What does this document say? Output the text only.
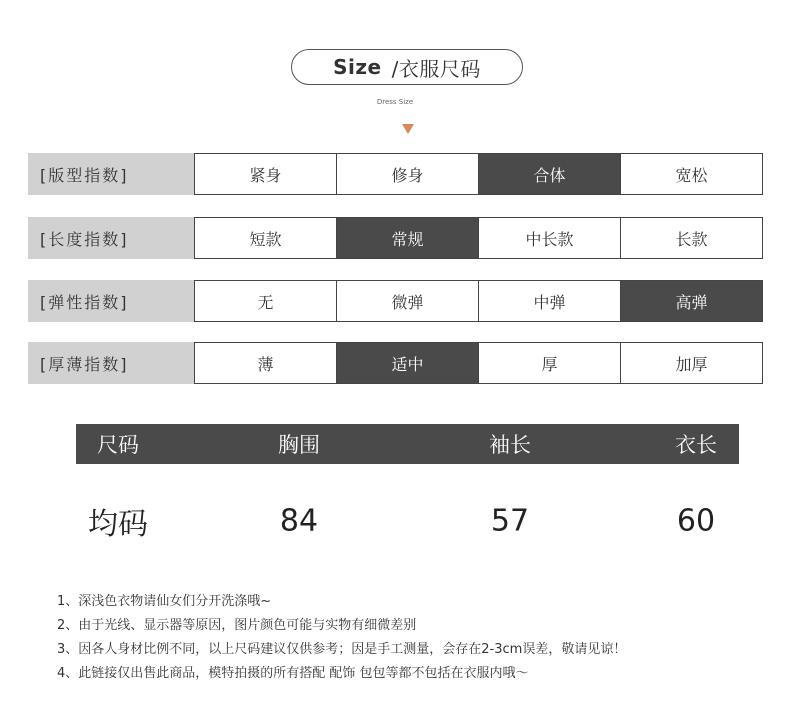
Size /衣服尺码
Dress Size
[版型指数]	紧身	修身	合体	宽松
[长度指数]	短款	常规	中长款	长款
[弹性指数]	无	微弹	中弹	高弹
[厚薄指数]	薄	适中	厚	加厚
尺码	胸围	袖长	衣长
均码	84	57	60
1、深浅色衣物请仙女们分开洗涤哦~
2、由于光线、显示器等原因，图片颜色可能与实物有细微差别
3、因各人身材比例不同，以上尺码建议仅供参考；因是手工测量，会存在2-3cm误差，敬请见谅！
4、此链接仅出售此商品，模特拍摄的所有搭配 配饰 包包等都不包括在衣服内哦～
